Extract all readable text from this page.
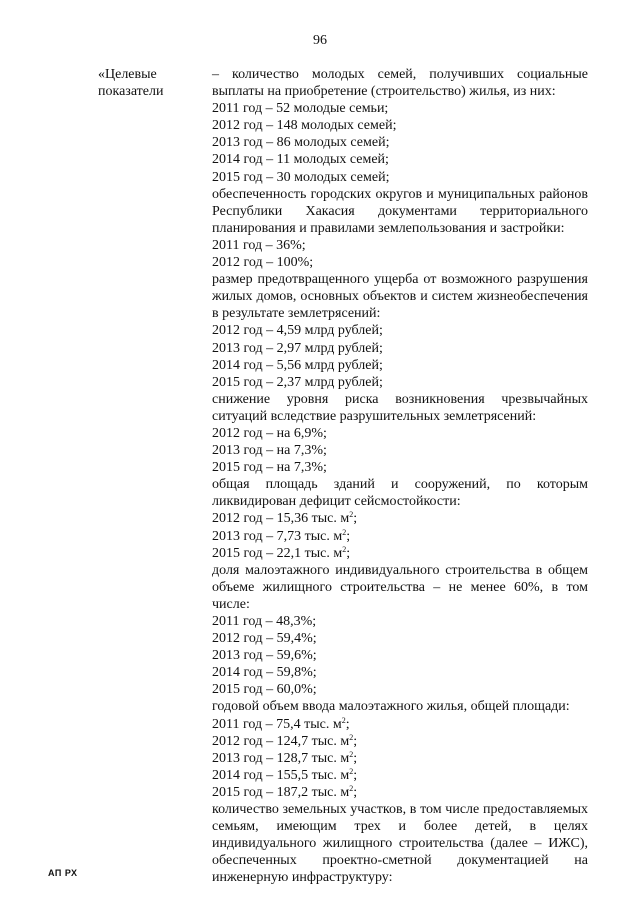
96
«Целевые
показатели
– количество молодых семей, получивших социальные
выплаты на приобретение (строительство) жилья, из них:
2011 год – 52 молодые семьи;
2012 год – 148 молодых семей;
2013 год – 86 молодых семей;
2014 год – 11 молодых семей;
2015 год – 30 молодых семей;
обеспеченность городских округов и муниципальных районов
Республики Хакасия документами территориального
планирования и правилами землепользования и застройки:
2011 год – 36%;
2012 год – 100%;
размер предотвращенного ущерба от возможного разрушения
жилых домов, основных объектов и систем жизнеобеспечения
в результате землетрясений:
2012 год – 4,59 млрд рублей;
2013 год – 2,97 млрд рублей;
2014 год – 5,56 млрд рублей;
2015 год – 2,37 млрд рублей;
снижение уровня риска возникновения чрезвычайных
ситуаций вследствие разрушительных землетрясений:
2012 год – на 6,9%;
2013 год – на 7,3%;
2015 год – на 7,3%;
общая площадь зданий и сооружений, по которым
ликвидирован дефицит сейсмостойкости:
2012 год – 15,36 тыс. $м^2$;
2013 год – 7,73 тыс. $м^2$;
2015 год – 22,1 тыс. $м^2$;
доля малоэтажного индивидуального строительства в общем
объеме жилищного строительства – не менее 60%, в том
числе:
2011 год – 48,3%;
2012 год – 59,4%;
2013 год – 59,6%;
2014 год – 59,8%;
2015 год – 60,0%;
годовой объем ввода малоэтажного жилья, общей площади:
2011 год – 75,4 тыс. $м^2$;
2012 год – 124,7 тыс. $м^2$;
2013 год – 128,7 тыс. $м^2$;
2014 год – 155,5 тыс. $м^2$;
2015 год – 187,2 тыс. $м^2$;
количество земельных участков, в том числе предоставляемых
семьям, имеющим трех и более детей, в целях
индивидуального жилищного строительства (далее – ИЖС),
обеспеченных проектно-сметной документацией на
инженерную инфраструктуру:
АП РХ
